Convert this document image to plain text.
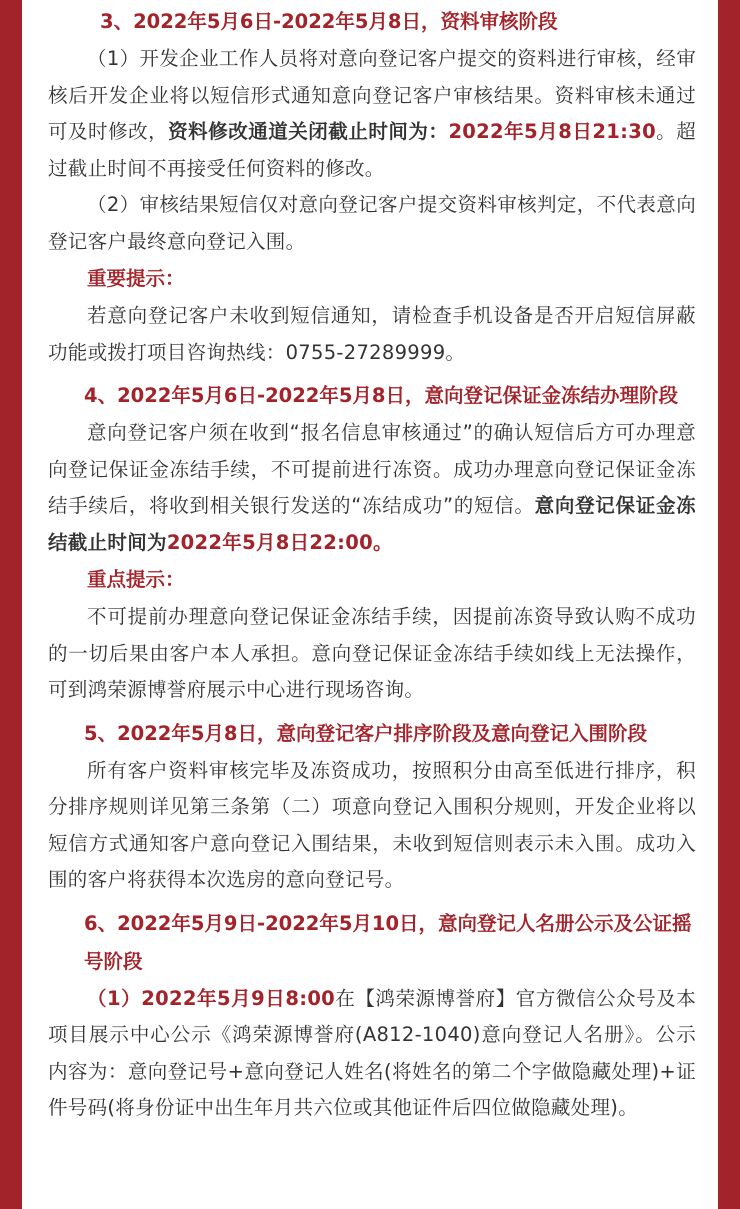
3、2022年5月6日-2022年5月8日，资料审核阶段

（1）开发企业工作人员将对意向登记客户提交的资料进行审核，经审核后开发企业将以短信形式通知意向登记客户审核结果。资料审核未通过可及时修改，资料修改通道关闭截止时间为：2022年5月8日21:30。超过截止时间不再接受任何资料的修改。

（2）审核结果短信仅对意向登记客户提交资料审核判定，不代表意向登记客户最终意向登记入围。

重要提示：

若意向登记客户未收到短信通知，请检查手机设备是否开启短信屏蔽功能或拨打项目咨询热线：0755-27289999。

4、2022年5月6日-2022年5月8日，意向登记保证金冻结办理阶段

意向登记客户须在收到“报名信息审核通过”的确认短信后方可办理意向登记保证金冻结手续，不可提前进行冻资。成功办理意向登记保证金冻结手续后，将收到相关银行发送的“冻结成功”的短信。意向登记保证金冻结截止时间为2022年5月8日22:00。

重点提示：

不可提前办理意向登记保证金冻结手续，因提前冻资导致认购不成功的一切后果由客户本人承担。意向登记保证金冻结手续如线上无法操作，可到鸿荣源博誉府展示中心进行现场咨询。

5、2022年5月8日，意向登记客户排序阶段及意向登记入围阶段

所有客户资料审核完毕及冻资成功，按照积分由高至低进行排序，积分排序规则详见第三条第（二）项意向登记入围积分规则，开发企业将以短信方式通知客户意向登记入围结果，未收到短信则表示未入围。成功入围的客户将获得本次选房的意向登记号。

6、2022年5月9日-2022年5月10日，意向登记人名册公示及公证摇号阶段

（1）2022年5月9日8:00在【鸿荣源博誉府】官方微信公众号及本项目展示中心公示《鸿荣源博誉府(A812-1040)意向登记人名册》。公示内容为：意向登记号+意向登记人姓名(将姓名的第二个字做隐藏处理)+证件号码(将身份证中出生年月共六位或其他证件后四位做隐藏处理)。
